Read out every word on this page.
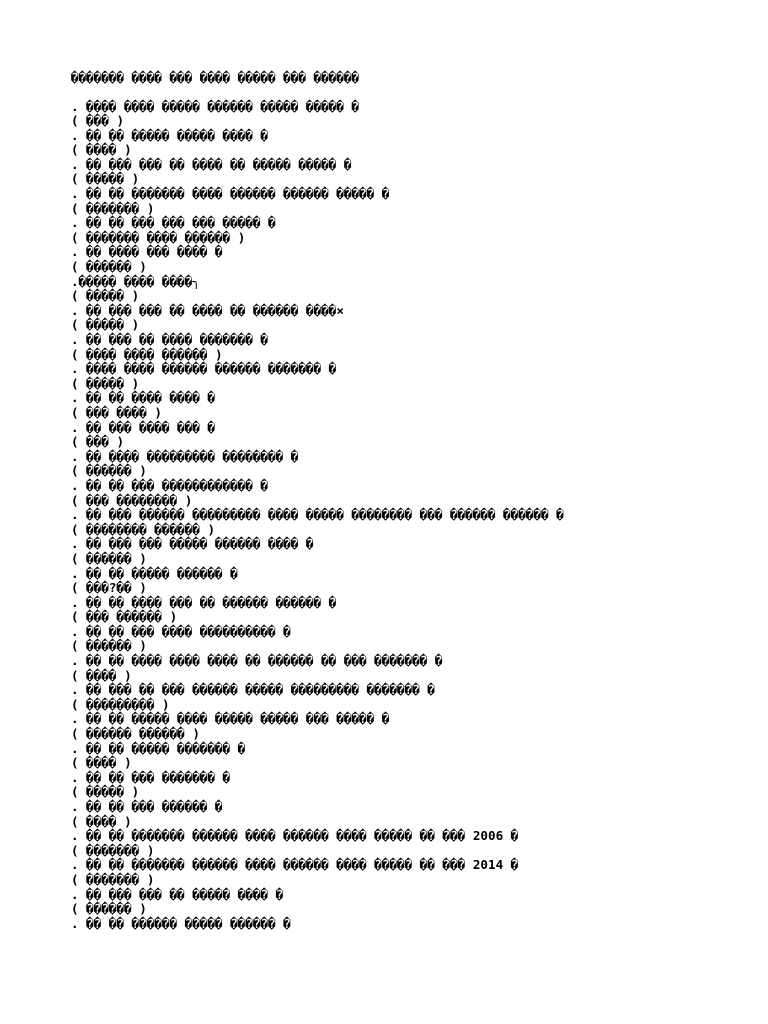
������� ���� ��� ���� ����� ��� ������
. ���� ���� ����� ������ ����� ����� �
( ��� )
. �� �� ����� ����� ���� �
( ���� )
. �� ��� ��� �� ���� �� ����� ����� �
( ����� )
. �� �� ������� ���� ������ ������ ����� �
( ������� )
. �� �� ��� ��� ��� ����� �
( ������� ���� ������ )
. �� ���� ��� ���� �
( ������ )
.����� ���� ����╮
( ����� )
. �� ��� ��� �� ���� �� ������ ����×
( ����� )
. �� ��� �� ���� ������� �
( ���� ���� ������ )
. ���� ���� ������ ������ ������� �
( ����� )
. �� �� ���� ���� �
( ��� ���� )
. �� ��� ���� ��� �
( ��� )
. �� ���� ��������� �������� �
( ������ )
. �� �� ��� ������������ �
( ��� �������� )
. �� ��� ������ ��������� ���� ����� �������� ��� ������ ������ �
( �������� ������ )
. �� ��� ��� ����� ������ ���� �
( ������ )
. �� �� ����� ������ �
( ���?�� )
. �� �� ���� ��� �� ������ ������ �
( ��� ������ )
. �� �� ��� ���� ���������� �
( ������ )
. �� �� ���� ���� ���� �� ������ �� ��� ������� �
( ���� )
. �� ��� �� ��� ������ ����� ��������� ������� �
( ��������� )
. �� �� ����� ���� ����� ����� ��� ����� �
( ������ ������ )
. �� �� ����� ������� �
( ���� )
. �� �� ��� ������� �
( ����� )
. �� �� ��� ������ �
( ���� )
. �� �� ������� ������ ���� ������ ���� ����� �� ��� 2006 �
( ������� )
. �� �� ������� ������ ���� ������ ���� ����� �� ��� 2014 �
( ������� )
. �� ��� ��� �� ����� ���� �
( ������ )
. �� �� ������ ����� ������ �
